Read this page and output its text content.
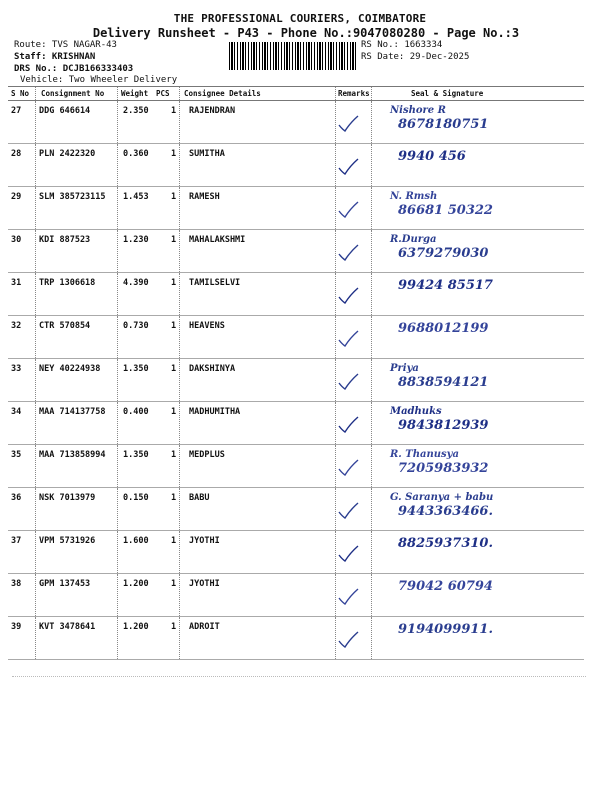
THE PROFESSIONAL COURIERS, COIMBATORE
Delivery Runsheet - P43 - Phone No.:9047080280 - Page No.:3
Route: TVS NAGAR-43
Staff: KRISHNAN
DRS No.: DCJB166333403
Vehicle: Two Wheeler Delivery
RS No.: 1663334
RS Date: 29-Dec-2025
S No Consignment No Weight PCS Consignee Details	Remarks	Seal & Signature
27 DDG 646614	2.350	1 RAJENDRAN	Nishore R
8678180751
28 PLN 2422320	0.360	1 SUMITHA	9940 456
29 SLM 385723115 1.453	1 RAMESH	N. Rmsh
86681 50322
30 KDI 887523	1.230	1 MAHALAKSHMI	R.Durga
6379279030
31 TRP 1306618	4.390	1 TAMILSELVI	99424 85517
32 CTR 570854	0.730	1 HEAVENS	9688012199
33 NEY 40224938	1.350	1 DAKSHINYA	Priya
8838594121
34 MAA 714137758 0.400	1 MADHUMITHA	Madhuks
9843812939
35 MAA 713858994 1.350	1 MEDPLUS	R. Thanusya
7205983932
36 NSK 7013979	0.150	1 BABU	G. Saranya + babu
9443363466.
37 VPM 5731926	1.600	1 JYOTHI	8825937310.
38 GPM 137453	1.200	1 JYOTHI	79042 60794
39 KVT 3478641	1.200	1 ADROIT	9194099911.
